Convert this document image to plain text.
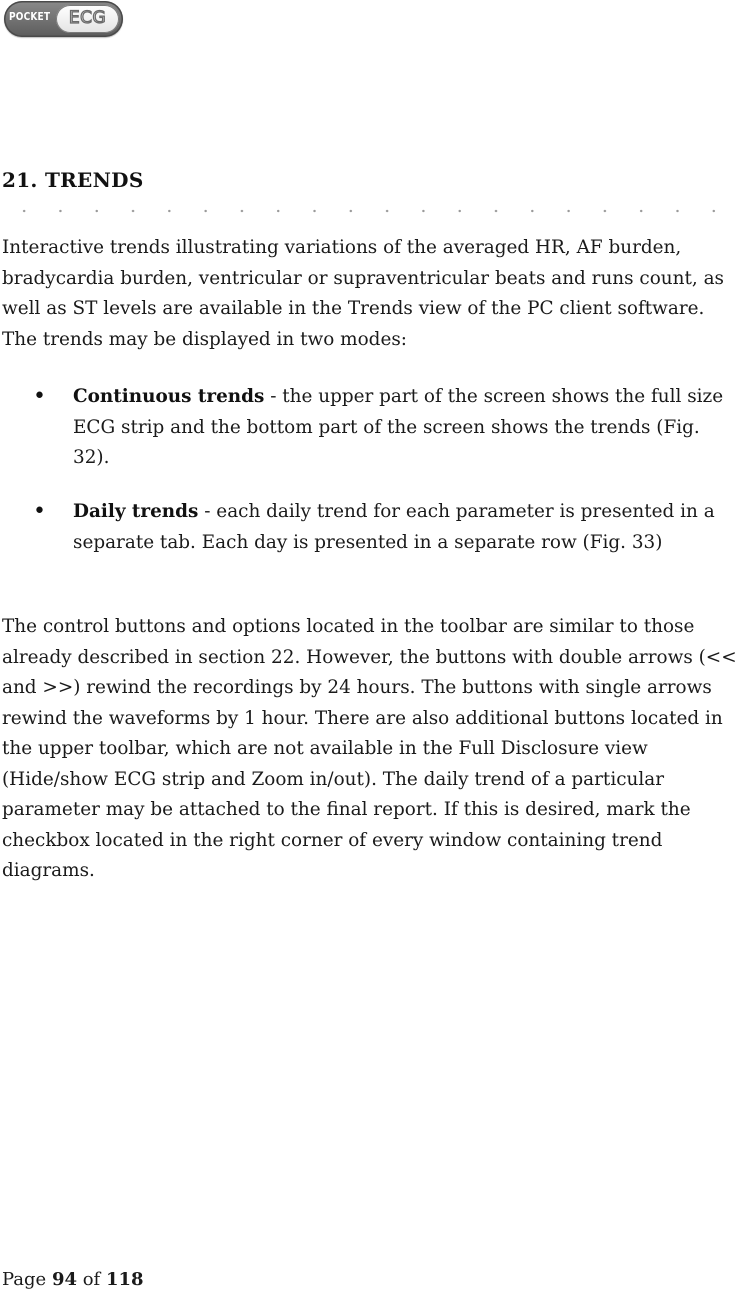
POCKET	ECG
21. TRENDS

Interactive trends illustrating variations of the averaged HR, AF burden, bradycardia burden, ventricular or supraventricular beats and runs count, as well as ST levels are available in the Trends view of the PC client software. The trends may be displayed in two modes:

• Continuous trends - the upper part of the screen shows the full size ECG strip and the bottom part of the screen shows the trends (Fig. 32).
• Daily trends - each daily trend for each parameter is presented in a separate tab. Each day is presented in a separate row (Fig. 33)

The control buttons and options located in the toolbar are similar to those already described in section 22. However, the buttons with double arrows (<< and >>) rewind the recordings by 24 hours. The buttons with single arrows rewind the waveforms by 1 hour. There are also additional buttons located in the upper toolbar, which are not available in the Full Disclosure view (Hide/show ECG strip and Zoom in/out). The daily trend of a particular parameter may be attached to the final report. If this is desired, mark the checkbox located in the right corner of every window containing trend diagrams.

Page 94 of 118
